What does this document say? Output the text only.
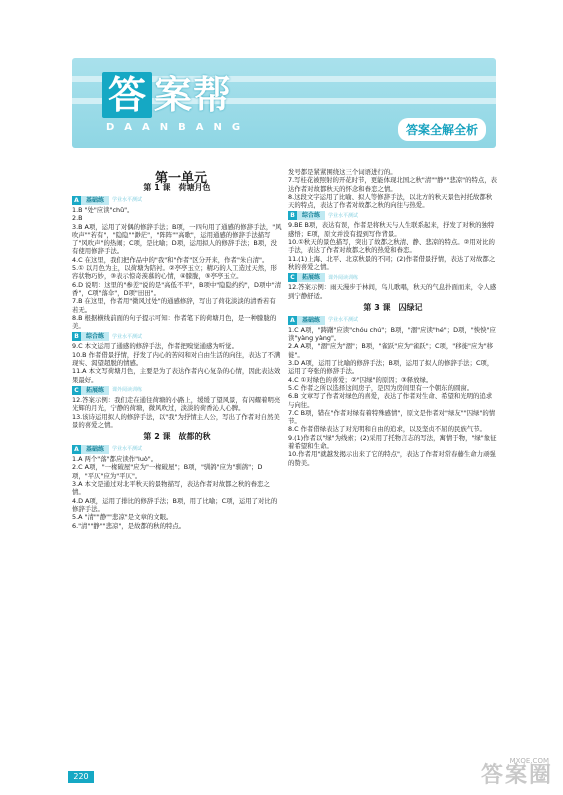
答 案帮
DAANBANG	答案全解全析
第一单元
第 1 课　荷塘月色
A	基础练	学业水平测试

1.B "处"应读"chǔ"。

2.B

3.B A项，运用了对偶的修辞手法；B项，一四句用了通感的修辞手法，"风吹声""若有"，"隐隐""渺茫"，"阵阵""高歌"，运用通感的修辞手法描写了"风吹声"的热闹；C项，是比喻；D项，运用拟人的修辞手法；B项，没有使用修辞手法。

4.C 在这里，我们把作品中的"我"和"作者"区分开来，作者"朱自清"。

5.① 以月色为主，以荷塘为陪衬。②亭亭玉立；精巧的人工造过天然，形容状物巧妙，③表示惊奇羡慕的心情，④朦胧，⑤亭亭玉立。

6.D 说明：这里的"参差"说的是"高低不平"，B项中"隐隐约约"，D项中"清香"，C项"落伞"，D项"田田"。

7.B 在这里，作者用"微风过处"的通感修辞，写出了荷花淡淡的清香若有若无。

8.B 根据横线前面的句子提示可知：作者笔下的荷塘月色，是一种朦胧的美。

B	综合练	学业水平测试

9.C 本文运用了通感的修辞手法，作者把嗅觉通感为听觉。

10.B 作者借景抒情，抒发了内心的苦闷和对自由生活的向往，表达了不满现实、渴望超脱的情感。

11.A 本文写荷塘月色，主要是为了表达作者内心复杂的心情，因此表达效果最好。

C	拓展练	课外阅读训练

12.答案示例：我们走在通往荷塘的小路上，缓缓了望风景，有闪耀着明亮光辉的月光，宁静的荷塘，微风吹过，淡淡的荷香沁人心脾。

13.该诗运用拟人的修辞手法，以"我"为抒情主人公，写出了作者对自然美景的喜爱之情。

第 2 课　故都的秋
A	基础练	学业水平测试

1.A 两个"落"都应读作"luò"。

2.C A项，"一椽破屋"应为"一椽破屋"；B项，"驯鸽"应为"驯鸽"；D项，"平仄"应为"平仄"。

3.A 本文是通过对北平秋天的景物描写，表达作者对故都之秋的眷恋之情。

4.D A项，运用了排比的修辞手法；B项，用了比喻；C项，运用了对比的修辞手法。

5.A "清""静""悲凉"是文章的文眼。

6."清""静""悲凉"，是故都的秋的特点。

发号都是紧紧围绕这三个词语进行的。

7.写桂花被照射的开花时节，更能体现北国之秋"清""静""悲凉"的特点，表达作者对故都秋天的怀念和眷恋之情。

8.这段文字运用了比喻、拟人等修辞手法，以北方的秋天景色衬托故都秋天的特点，表达了作者对故都之秋的向往与热爱。

B	综合练	学业水平测试

9.BE B项，表达有误，作者是将秋天与人生联系起来，抒发了对秋的独特感悟；E项，原文并没有提到写作背景。

10.①秋天的景色描写，突出了故都之秋清、静、悲凉的特点。②用对比的手法，表达了作者对故都之秋的热爱和眷恋。

11.(1)上海、北平、北京秋景的不同；(2)作者借景抒情，表达了对故都之秋的喜爱之情。

C	拓展练	课外阅读训练

12.答案示例：雨天漫步于林间，鸟儿歌唱，秋天的气息扑面而来，令人感到宁静舒适。

第 3 课　囚绿记
A	基础练	学业水平测试

1.C A项，"踌躇"应读"chóu chú"；B项，"涸"应读"hé"；D项，"怏怏"应读"yàng yàng"。

2.A A项，"涸"应为"涸"；B项，"雀跃"应为"雀跃"；C项，"移徙"应为"移徙"。

3.D A项，运用了比喻的修辞手法；B项，运用了拟人的修辞手法；C项，运用了夸张的修辞手法。

4.C ①对绿色的喜爱；②"囚绿"的原因；③释放绿。

5.C 作者之所以选择这间房子，是因为房间里有一个朝东的圆窗。

6.B 文章写了作者对绿色的喜爱，表达了作者对生命、希望和光明的追求与向往。

7.C B项，错在"作者对绿有着特殊感情"，原文是作者对"绿友""囚绿"的情节。

8.C 作者借绿表达了对光明和自由的追求，以及坚贞不屈的民族气节。

9.(1)作者以"绿"为线索；(2)采用了托物言志的写法，寓情于物，"绿"象征着希望和生命。

10.作者用"就越发揭示出来了它的特点"，表达了作者对常春藤生命力顽强的赞美。

220
MXQE.COM
答案圈
